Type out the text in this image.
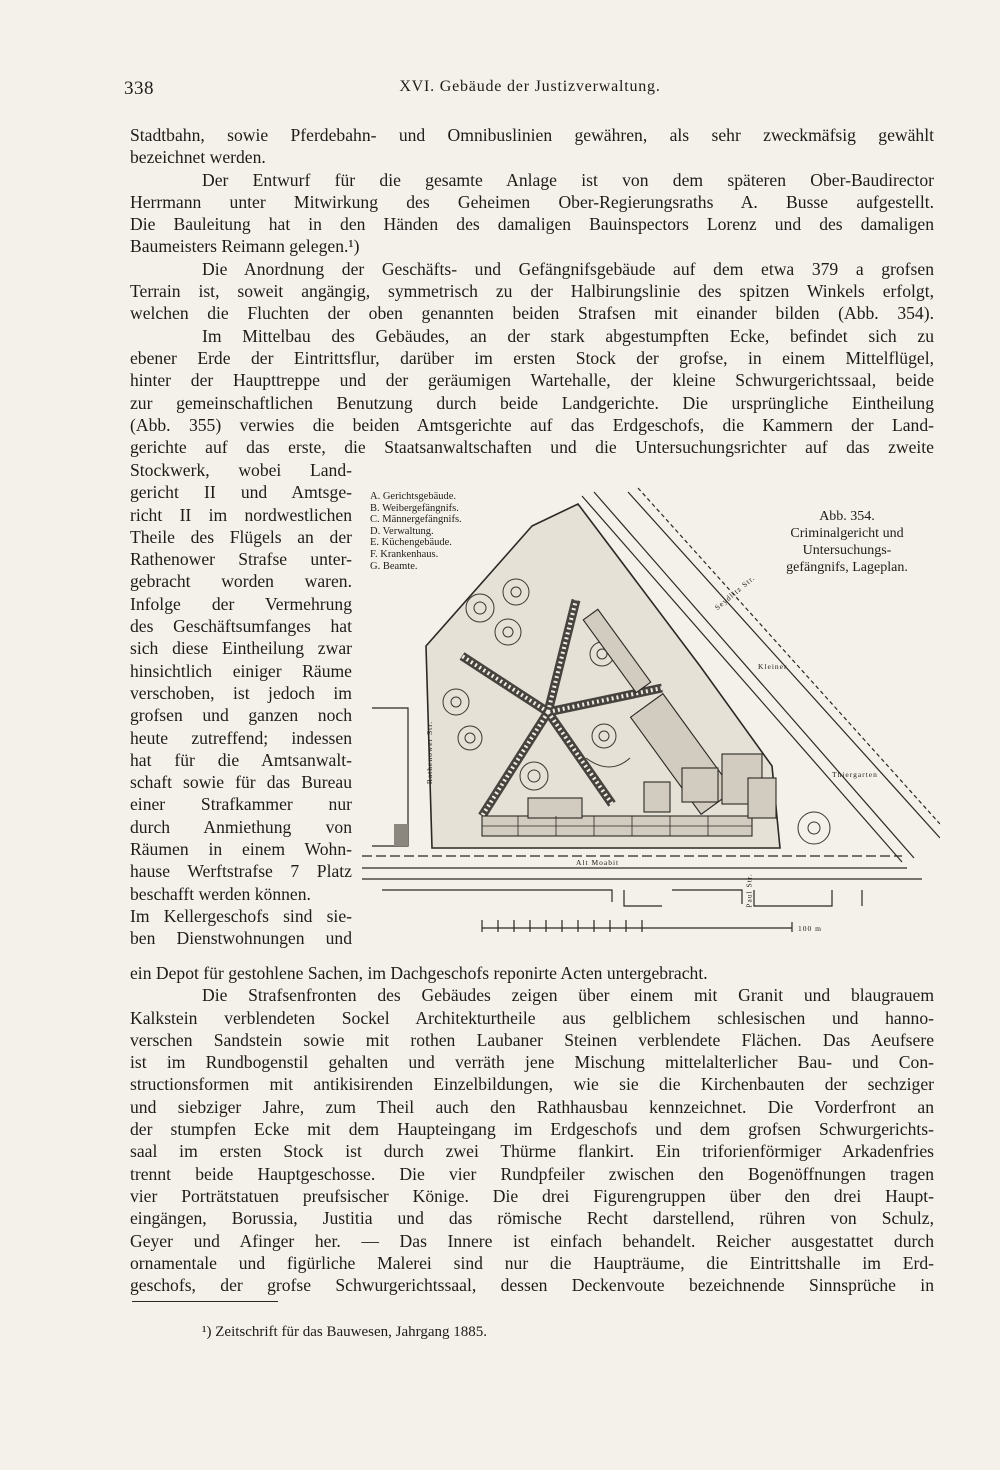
338	XVI. Gebäude der Justizverwaltung.
Stadtbahn, sowie Pferdebahn- und Omnibuslinien gewähren, als sehr zweckmäfsig gewählt
bezeichnet werden.
Der Entwurf für die gesamte Anlage ist von dem späteren Ober-Baudirector
Herrmann unter Mitwirkung des Geheimen Ober-Regierungsraths A. Busse aufgestellt.
Die Bauleitung hat in den Händen des damaligen Bauinspectors Lorenz und des damaligen
Baumeisters Reimann gelegen.¹)
Die Anordnung der Geschäfts- und Gefängnifsgebäude auf dem etwa 379 a grofsen
Terrain ist, soweit angängig, symmetrisch zu der Halbirungslinie des spitzen Winkels erfolgt,
welchen die Fluchten der oben genannten beiden Strafsen mit einander bilden (Abb. 354).
Im Mittelbau des Gebäudes, an der stark abgestumpften Ecke, befindet sich zu
ebener Erde der Eintrittsflur, darüber im ersten Stock der grofse, in einem Mittelflügel,
hinter der Haupttreppe und der geräumigen Wartehalle, der kleine Schwurgerichtssaal, beide
zur gemeinschaftlichen Benutzung durch beide Landgerichte. Die ursprüngliche Eintheilung
(Abb. 355) verwies die beiden Amtsgerichte auf das Erdgeschofs, die Kammern der Land-
gerichte auf das erste, die Staatsanwaltschaften und die Untersuchungsrichter auf das zweite
Stockwerk, wobei Land-
gericht II und Amtsge-
richt II im nordwestlichen
Theile des Flügels an der
Rathenower Strafse unter-
gebracht worden waren.
Infolge der Vermehrung
des Geschäftsumfanges hat
sich diese Eintheilung zwar
hinsichtlich einiger Räume
verschoben, ist jedoch im
grofsen und ganzen noch
heute zutreffend; indessen
hat für die Amtsanwalt-
schaft sowie für das Bureau
einer Strafkammer nur
durch Anmiethung von
Räumen in einem Wohn-
hause Werftstrafse 7 Platz
beschafft werden können.
Im Kellergeschofs sind sie-
ben Dienstwohnungen und
A. Gerichtsgebäude.
B. Weibergefängnifs.
C. Männergefängnifs.
D. Verwaltung.
E. Küchengebäude.
F. Krankenhaus.
G. Beamte.
Abb. 354.
Criminalgericht und
Untersuchungs-
gefängnifs, Lageplan.
Seydlitz Str.
Kleiner
Thiergarten
Alt Moabit
Rathenower Str.
Paul Str.
100 m
ein Depot für gestohlene Sachen, im Dachgeschofs reponirte Acten untergebracht.
Die Strafsenfronten des Gebäudes zeigen über einem mit Granit und blaugrauem
Kalkstein verblendeten Sockel Architekturtheile aus gelblichem schlesischen und hanno-
verschen Sandstein sowie mit rothen Laubaner Steinen verblendete Flächen. Das Aeufsere
ist im Rundbogenstil gehalten und verräth jene Mischung mittelalterlicher Bau- und Con-
structionsformen mit antikisirenden Einzelbildungen, wie sie die Kirchenbauten der sechziger
und siebziger Jahre, zum Theil auch den Rathhausbau kennzeichnet. Die Vorderfront an
der stumpfen Ecke mit dem Haupteingang im Erdgeschofs und dem grofsen Schwurgerichts-
saal im ersten Stock ist durch zwei Thürme flankirt. Ein triforienförmiger Arkadenfries
trennt beide Hauptgeschosse. Die vier Rundpfeiler zwischen den Bogenöffnungen tragen
vier Porträtstatuen preufsischer Könige. Die drei Figurengruppen über den drei Haupt-
eingängen, Borussia, Justitia und das römische Recht darstellend, rühren von Schulz,
Geyer und Afinger her. — Das Innere ist einfach behandelt. Reicher ausgestattet durch
ornamentale und figürliche Malerei sind nur die Haupträume, die Eintrittshalle im Erd-
geschofs, der grofse Schwurgerichtssaal, dessen Deckenvoute bezeichnende Sinnsprüche in
¹) Zeitschrift für das Bauwesen, Jahrgang 1885.
